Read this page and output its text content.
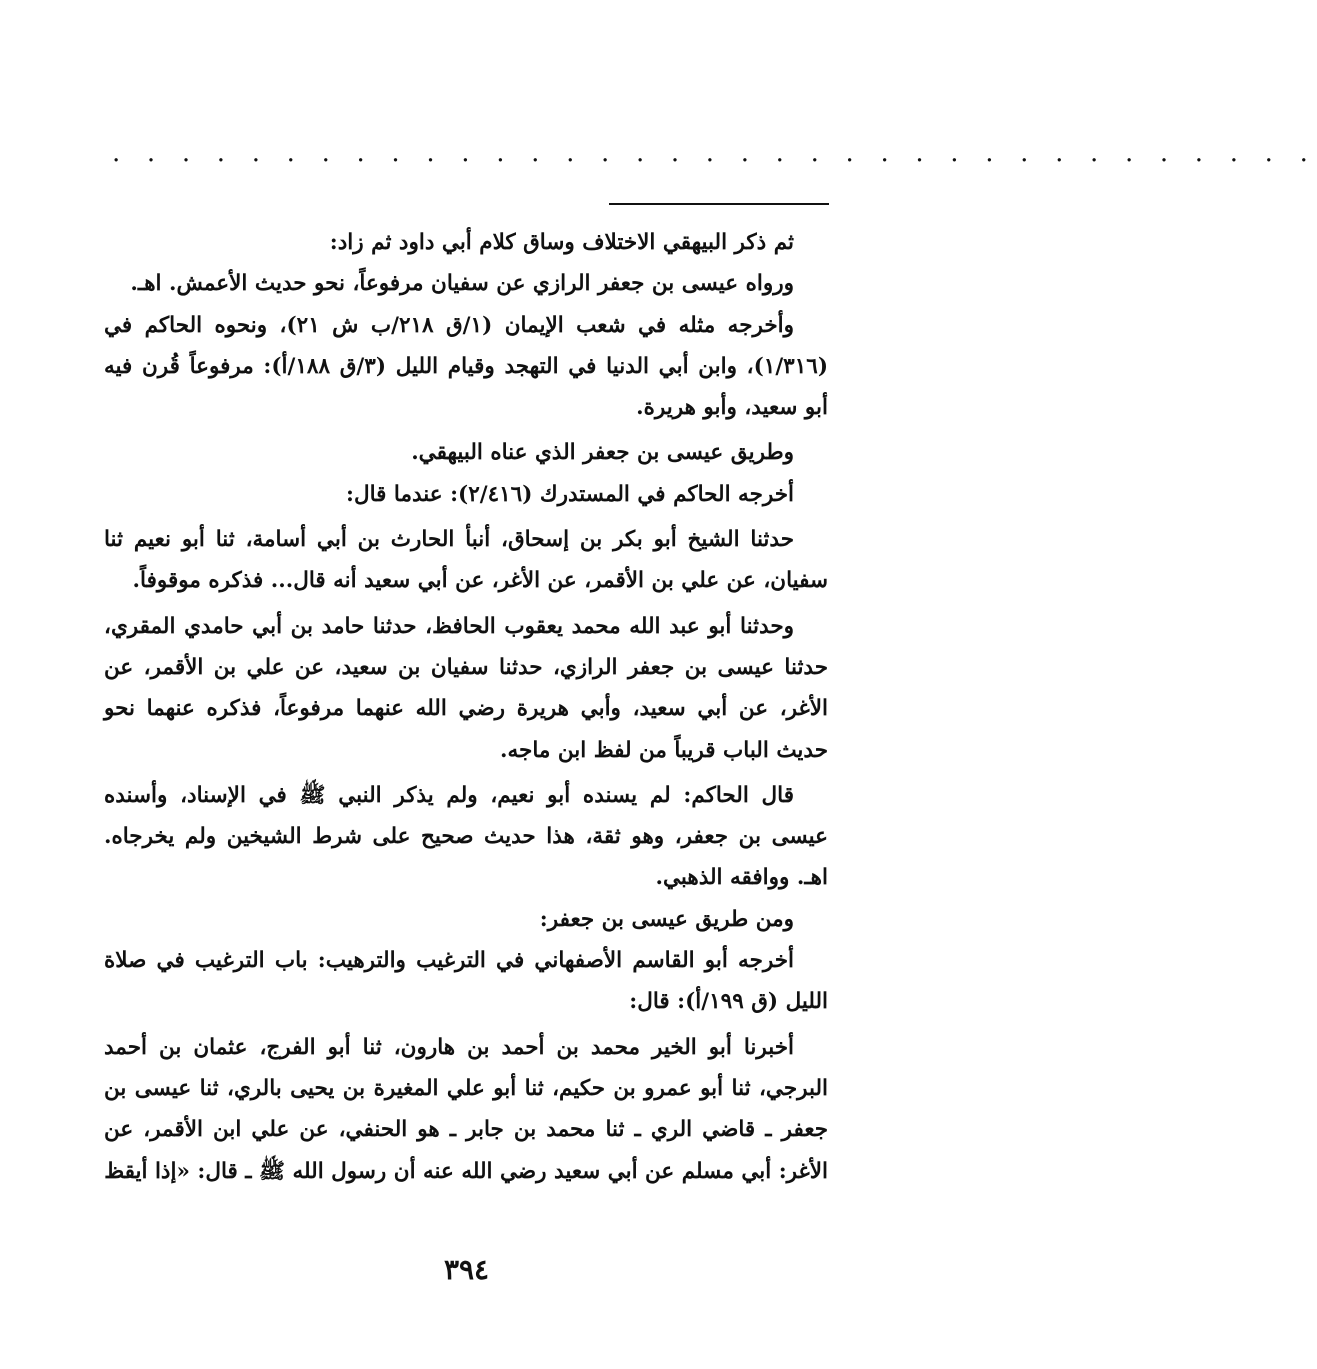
. . . . . . . . . . . . . . . . . . . . . . . . . . . . . . . . . . .

ثم ذكر البيهقي الاختلاف وساق كلام أبي داود ثم زاد:

ورواه عيسى بن جعفر الرازي عن سفيان مرفوعاً، نحو حديث الأعمش. اهـ.

وأخرجه مثله في شعب الإيمان (١/ق ٢١٨/ب ش ٢١)، ونحوه الحاكم في (١/٣١٦)، وابن أبي الدنيا في التهجد وقيام الليل (٣/ق ١٨٨/أ): مرفوعاً قُرن فيه أبو سعيد، وأبو هريرة.

وطريق عيسى بن جعفر الذي عناه البيهقي.

أخرجه الحاكم في المستدرك (٢/٤١٦): عندما قال:

حدثنا الشيخ أبو بكر بن إسحاق، أنبأ الحارث بن أبي أسامة، ثنا أبو نعيم ثنا سفيان، عن علي بن الأقمر، عن الأغر، عن أبي سعيد أنه قال... فذكره موقوفاً.

وحدثنا أبو عبد الله محمد يعقوب الحافظ، حدثنا حامد بن أبي حامدي المقري، حدثنا عيسى بن جعفر الرازي، حدثنا سفيان بن سعيد، عن علي بن الأقمر، عن الأغر، عن أبي سعيد، وأبي هريرة رضي الله عنهما مرفوعاً، فذكره عنهما نحو حديث الباب قريباً من لفظ ابن ماجه.

قال الحاكم: لم يسنده أبو نعيم، ولم يذكر النبي ﷺ في الإسناد، وأسنده عيسى بن جعفر، وهو ثقة، هذا حديث صحيح على شرط الشيخين ولم يخرجاه. اهـ. ووافقه الذهبي.

ومن طريق عيسى بن جعفر:

أخرجه أبو القاسم الأصفهاني في الترغيب والترهيب: باب الترغيب في صلاة الليل (ق ١٩٩/أ): قال:

أخبرنا أبو الخير محمد بن أحمد بن هارون، ثنا أبو الفرج، عثمان بن أحمد البرجي، ثنا أبو عمرو بن حكيم، ثنا أبو علي المغيرة بن يحيى بالري، ثنا عيسى بن جعفر ـ قاضي الري ـ ثنا محمد بن جابر ـ هو الحنفي، عن علي ابن الأقمر، عن الأغر: أبي مسلم عن أبي سعيد رضي الله عنه أن رسول الله ﷺ ـ قال: «إذا أيقظ

٣٩٤
